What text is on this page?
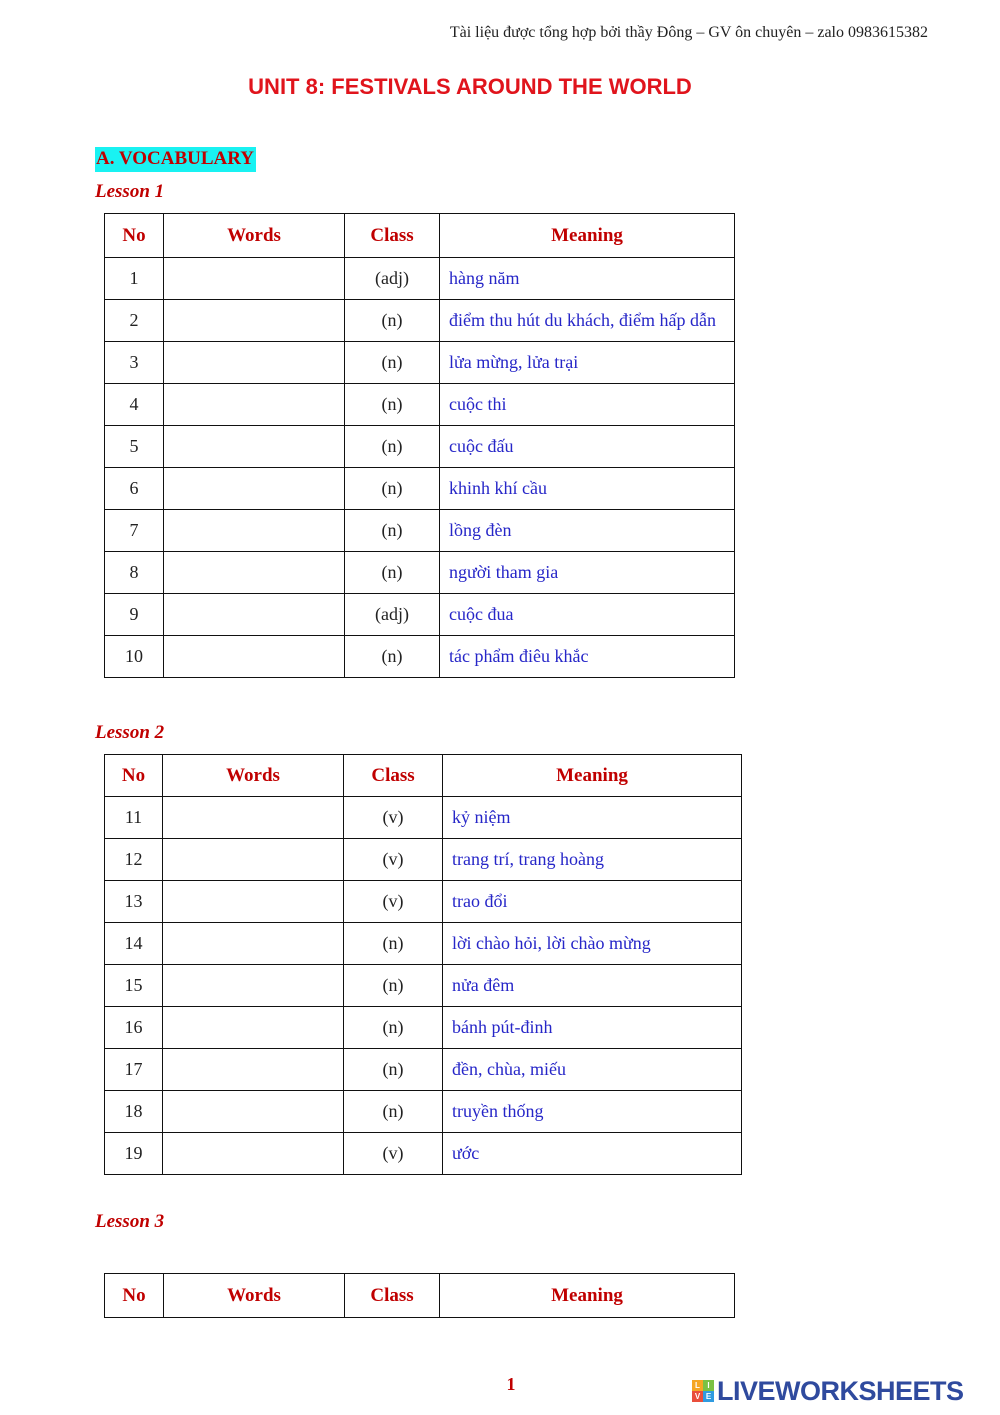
Tài liệu được tổng hợp bởi thầy Đông – GV ôn chuyên – zalo 0983615382
UNIT 8: FESTIVALS AROUND THE WORLD
A. VOCABULARY
Lesson 1
No	Words	Class	Meaning
1		(adj)	hàng năm
2		(n)	điểm thu hút du khách, điểm hấp dẫn
3		(n)	lửa mừng, lửa trại
4		(n)	cuộc thi
5		(n)	cuộc đấu
6		(n)	khinh khí cầu
7		(n)	lồng đèn
8		(n)	người tham gia
9		(adj)	cuộc đua
10		(n)	tác phẩm điêu khắc
Lesson 2
No	Words	Class	Meaning
11		(v)	kỷ niệm
12		(v)	trang trí, trang hoàng
13		(v)	trao đổi
14		(n)	lời chào hỏi, lời chào mừng
15		(n)	nửa đêm
16		(n)	bánh pút-đinh
17		(n)	đền, chùa, miếu
18		(n)	truyền thống
19		(v)	ước
Lesson 3
No	Words	Class	Meaning
1	L I
V E LIVEWORKSHEETS
